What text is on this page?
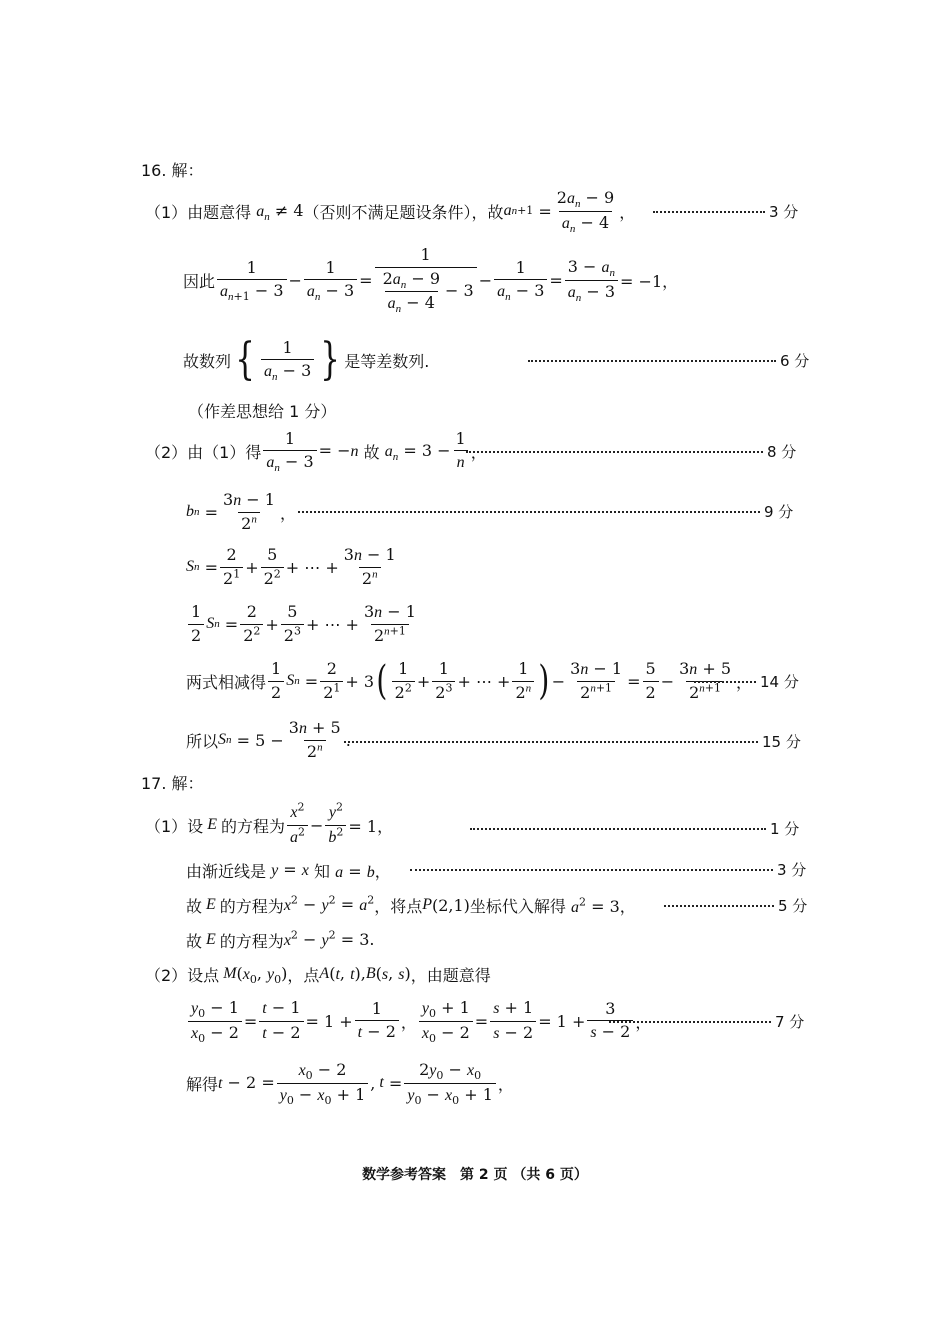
16. 解：
（1）由题意得 $a_n \ne 4$ （否则不满足题设条件），故 a n +1 =
$2a_n - 9$
$a_n - 4$
，	3 分
因此
1
$a_{n+1} - 3$
− $\frac{1}{a_n - 3} = 1$
$2a_n - 9$
$a_n - 4$
− $3 - \frac{1}{a_n - 3} = \frac{3 - a_n}{a_n - 3} = -1$，
故数列 { 1
$a_n - 3$ } 是等差数列.	6 分
（作差思想给 1 分）
（2）由（1）得 $\frac{1}{a_n - 3} = -n$ 故 $a_n = 3 - \frac{1}{n}$ ，	8 分
b n =
3n − 1
2$^n$ ，	9 分
S n =
2
$2^1$ +
5
$2^2$ + ⋯ +
3n − 1
2$^n$
1
2
S n =
2
$2^2$ +
5
$2^3$ + ⋯ +
3n − 1
$2^{n+1}$
两式相减得
1
2
S n =
2
$2^1 + 3$ ( 1
$2^2$ +
1
$2^3$ + ⋯ +
1
2$^n$ ) −
3n − 1
$2^{n+1}$ =
5
2
−
3n + 5
$2^{n+1}$ ， 14 分
所以 S n = 5 −
3n + 5
2$^n$ .	15 分
17. 解：
（1）设 E 的方程为
$x^2$
$a^2$ −
$y^2$
$b^2 = 1$，	1 分
由渐近线是 y = x 知 a = b，	3 分
故 E 的方程为 $x^2 - y^2 = a^2$ ，将点 P (2,1) 坐标代入解得 $a^2 = 3$，	5 分
故 E 的方程为 $x^2 - y^2 = 3$.
（2）设点 M ($x_0$, $y_0$) ，点 A (t, t), B (s, s) ，由题意得
$y_0 - 1$
$x_0 - 2$
=
t − 1
t − 2
= 1 +
1
t − 2 ，
$y_0 + 1$
$x_0 - 2$
=
s + 1
s − 2
= 1 +
3
s − 2 ，	7 分
解得 $t - 2 = \frac{x_0 - 2}{y_0 - x_0 + 1}$ , t =
$2y_0 - x_0$
$y_0 - x_0 + 1$
，
数学参考答案　第 2 页 （共 6 页）
